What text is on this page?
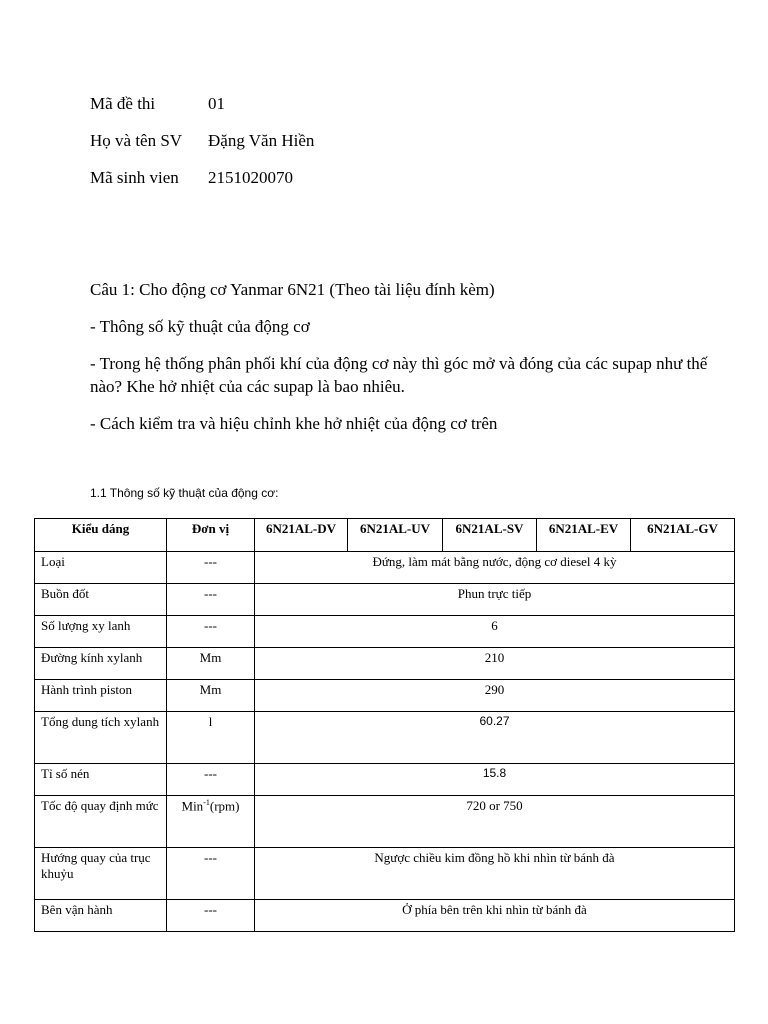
Mã đề thi	01
Họ và tên SV Đặng Văn Hiền
Mã sinh vien 2151020070
Câu 1: Cho động cơ Yanmar 6N21 (Theo tài liệu đính kèm)
- Thông số kỹ thuật của động cơ
- Trong hệ thống phân phối khí của động cơ này thì góc mở và đóng của các supap như thế nào? Khe hở nhiệt của các supap là bao nhiêu.
- Cách kiểm tra và hiệu chỉnh khe hở nhiệt của động cơ trên
1.1 Thông số kỹ thuật của động cơ:
Kiểu dáng	Đơn vị	6N21AL-DV	6N21AL-UV	6N21AL-SV	6N21AL-EV	6N21AL-GV
Loại	---	Đứng, làm mát bằng nước, động cơ diesel 4 kỳ				
Buồn đốt	---	Phun trực tiếp				
Số lượng xy lanh	---	6				
Đường kính xylanh	Mm	210				
Hành trình piston	Mm	290				
Tổng dung tích xylanh	l	60.27				
Tỉ số nén	---	15.8				
Tốc độ quay định mức	Min$^{-1}$(rpm)	720 or 750				
Hướng quay của trục khuỷu	---	Ngược chiều kim đồng hồ khi nhìn từ bánh đà				
Bên vận hành	---	Ở phía bên trên khi nhìn từ bánh đà				
